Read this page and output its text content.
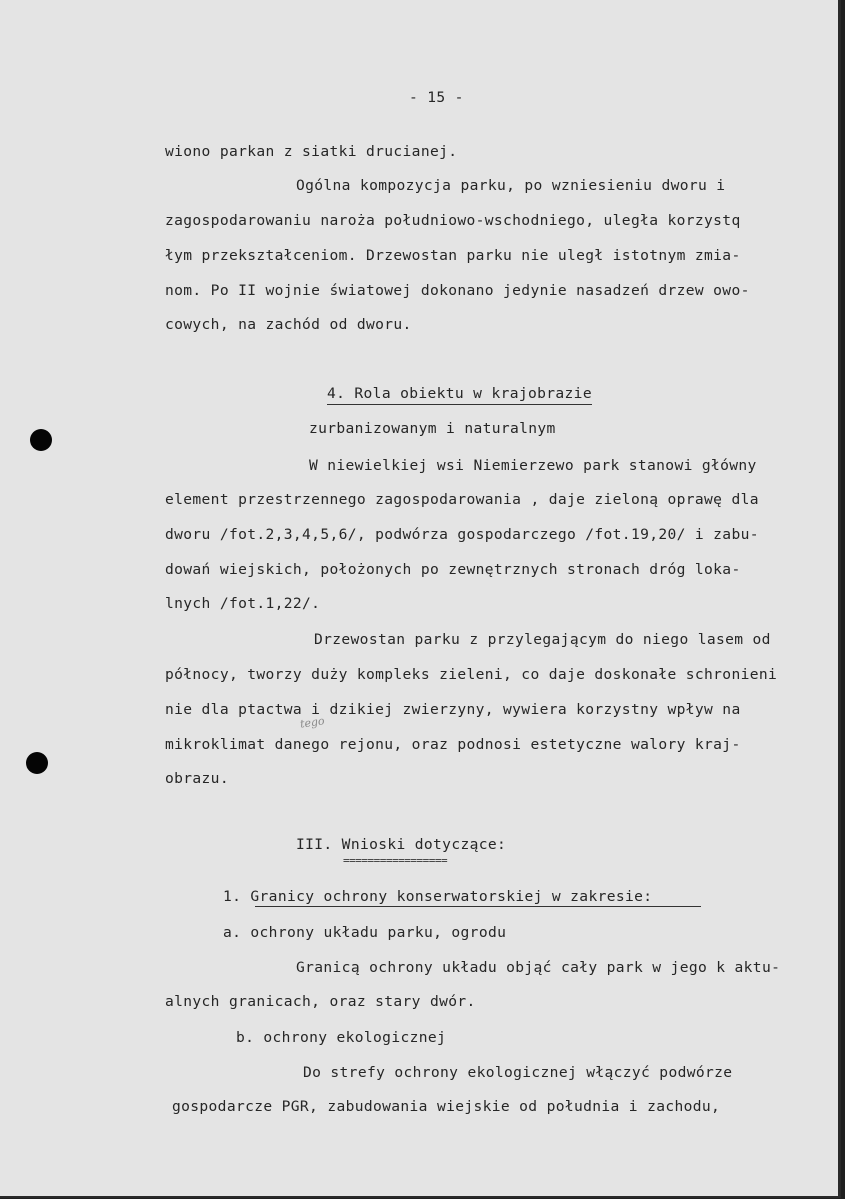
- 15 -
wiono parkan z siatki drucianej.
Ogólna kompozycja parku, po wzniesieniu dworu i
zagospodarowaniu naroża południowo-wschodniego, uległa korzystq
łym przekształceniom. Drzewostan parku nie uległ istotnym zmia-
nom. Po II wojnie światowej dokonano jedynie nasadzeń drzew owo-
cowych, na zachód od dworu.
4. Rola obiektu w krajobrazie
zurbanizowanym i naturalnym
W niewielkiej wsi Niemierzewo park stanowi główny
element przestrzennego zagospodarowania , daje zieloną oprawę dla
dworu /fot.2,3,4,5,6/, podwórza gospodarczego /fot.19,20/ i zabu-
dowań wiejskich, położonych po zewnętrznych stronach dróg loka-
lnych /fot.1,22/.
Drzewostan parku z przylegającym do niego lasem od
północy, tworzy duży kompleks zieleni, co daje doskonałe schronieni
nie dla ptactwa i dzikiej zwierzyny, wywiera korzystny wpływ na
tego
mikroklimat danego rejonu, oraz podnosi estetyczne walory kraj-
obrazu.
III. Wnioski dotyczące:
=================
1. Granicy ochrony konserwatorskiej w zakresie:
a. ochrony układu parku, ogrodu
Granicą ochrony układu objąć cały park w jego k aktu-
alnych granicach, oraz stary dwór.
b. ochrony ekologicznej
Do strefy ochrony ekologicznej włączyć podwórze
gospodarcze PGR, zabudowania wiejskie od południa i zachodu,
